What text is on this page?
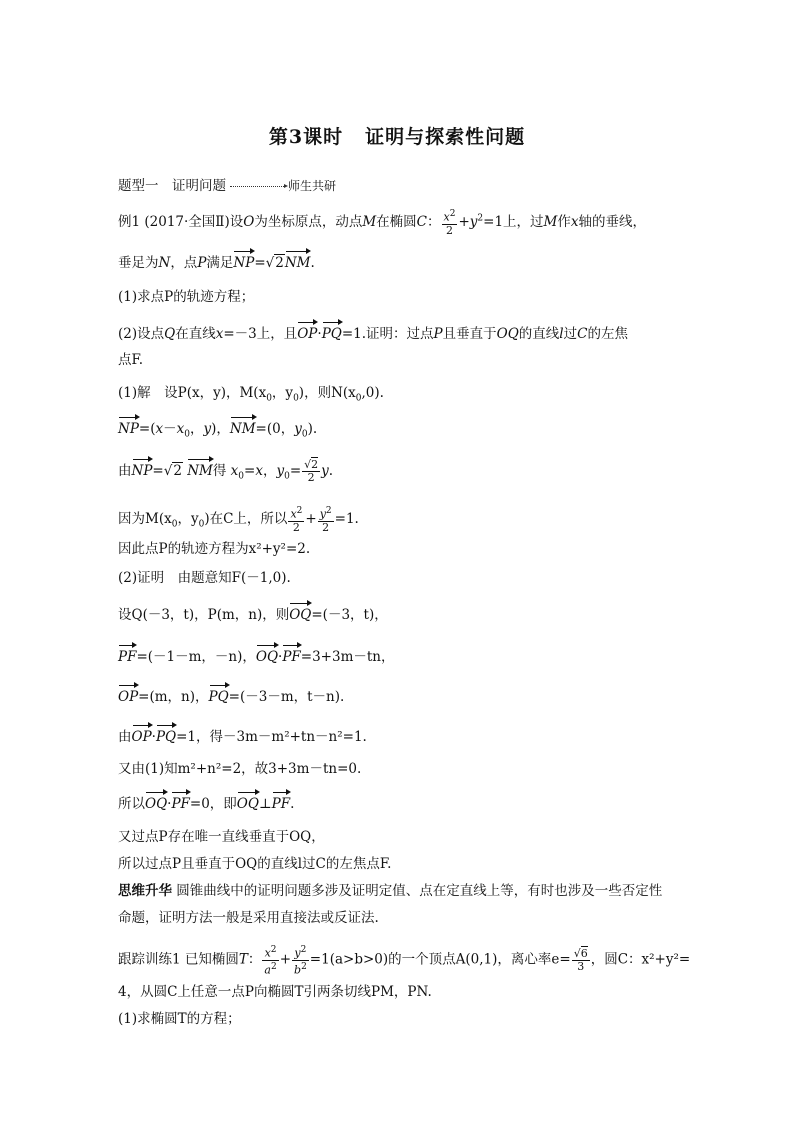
第3课时 证明与探索性问题
题型一　证明问题	师生共研
例1 (2017·全国Ⅱ)设O为坐标原点，动点M在椭圆C： $\frac{x^2}{2} +y^2=1$上，过M作x轴的垂线，
垂足为N，点P满足NP=√2NM.
(1)求点P的轨迹方程；
(2)设点Q在直线x=－3上，且OP·PQ=1.证明：过点P且垂直于OQ的直线l过C的左焦
点F.
(1)解　设P(x，y)，$M(x_0$，$y_0$)，则$N(x_0,0)$.
$NP=(x-x_0$，y)，NM=(0，$y_0$).
由NP=√2 NM得 $x_0=x$，$y_0= \frac{√2}{2} y$.
因为$M(x_0$，$y_0$)在C上，所以 $\frac{x^2}{2} + \frac{y^2}{2} =1$.
因此点P的轨迹方程为x²+y²=2.
(2)证明　由题意知F(－1,0).
设Q(－3，t)，P(m，n)，则OQ=(－3，t)，
PF=(－1－m，－n)，OQ·PF=3+3m－tn，
OP=(m，n)，PQ=(－3－m，t－n).
由OP·PQ=1，得－3m－m²+tn－n²=1.
又由(1)知m²+n²=2，故3+3m－tn=0.
所以OQ·PF=0，即OQ⊥PF.
又过点P存在唯一直线垂直于OQ，
所以过点P且垂直于OQ的直线l过C的左焦点F.
思维升华 圆锥曲线中的证明问题多涉及证明定值、点在定直线上等，有时也涉及一些否定性
命题，证明方法一般是采用直接法或反证法.
跟踪训练1 已知椭圆T： $\frac{x^2}{a^2} + \frac{y^2}{b^2} =1(a>b>0)$的一个顶点A(0,1)，离心率$e= \frac{√6}{3}$ ，圆C：x²+y²=
4，从圆C上任意一点P向椭圆T引两条切线PM，PN.
(1)求椭圆T的方程；
